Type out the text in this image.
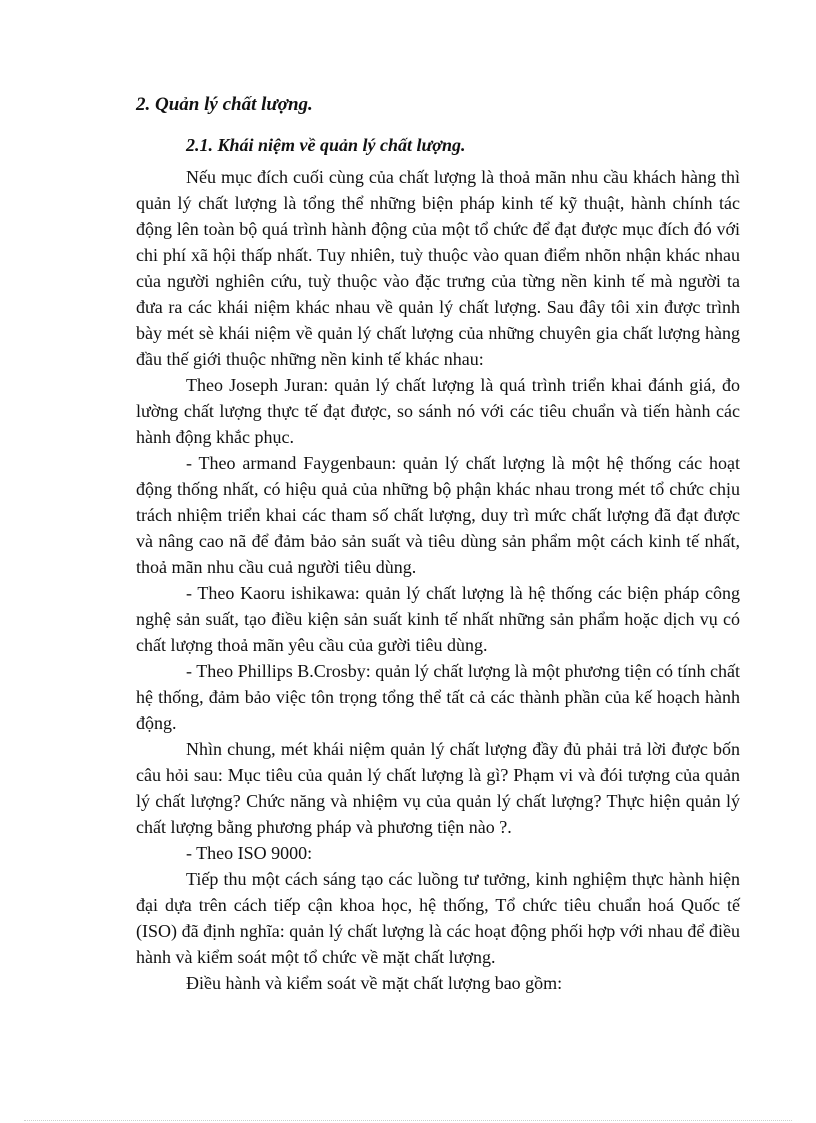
2. Quản lý chất lượng.
2.1. Khái niệm về quản lý chất lượng.

Nếu mục đích cuối cùng của chất lượng là thoả mãn nhu cầu khách hàng thì quản lý chất lượng là tổng thể những biện pháp kinh tế kỹ thuật, hành chính tác động lên toàn bộ quá trình hành động của một tổ chức để đạt được mục đích đó với chi phí xã hội thấp nhất. Tuy nhiên, tuỳ thuộc vào quan điểm nhõn nhận khác nhau của người nghiên cứu, tuỳ thuộc vào đặc trưng của từng nền kinh tế mà người ta đưa ra các khái niệm khác nhau về quản lý chất lượng. Sau đây tôi xin được trình bày mét sè khái niệm về quản lý chất lượng của những chuyên gia chất lượng hàng đầu thế giới thuộc những nền kinh tế khác nhau:

Theo Joseph Juran: quản lý chất lượng là quá trình triển khai đánh giá, đo lường chất lượng thực tế đạt được, so sánh nó với các tiêu chuẩn và tiến hành các hành động khắc phục.

- Theo armand Faygenbaun: quản lý chất lượng là một hệ thống các hoạt động thống nhất, có hiệu quả của những bộ phận khác nhau trong mét tổ chức chịu trách nhiệm triển khai các tham số chất lượng, duy trì mức chất lượng đã đạt được và nâng cao nã để đảm bảo sản suất và tiêu dùng sản phẩm một cách kinh tế nhất, thoả mãn nhu cầu cuả người tiêu dùng.

- Theo Kaoru ishikawa: quản lý chất lượng là hệ thống các biện pháp công nghệ sản suất, tạo điều kiện sản suất kinh tế nhất những sản phẩm hoặc dịch vụ có chất lượng thoả mãn yêu cầu của gười tiêu dùng.

- Theo Phillips B.Crosby: quản lý chất lượng là một phương tiện có tính chất hệ thống, đảm bảo việc tôn trọng tổng thể tất cả các thành phần của kế hoạch hành động.

Nhìn chung, mét khái niệm quản lý chất lượng đầy đủ phải trả lời được bốn câu hỏi sau: Mục tiêu của quản lý chất lượng là gì? Phạm vi và đói tượng của quản lý chất lượng? Chức năng và nhiệm vụ của quản lý chất lượng? Thực hiện quản lý chất lượng bằng phương pháp và phương tiện nào ?.

- Theo ISO 9000:

Tiếp thu một cách sáng tạo các luồng tư tưởng, kinh nghiệm thực hành hiện đại dựa trên cách tiếp cận khoa học, hệ thống, Tổ chức tiêu chuẩn hoá Quốc tế (ISO) đã định nghĩa: quản lý chất lượng là các hoạt động phối hợp với nhau để điều hành và kiểm soát một tổ chức về mặt chất lượng.

Điều hành và kiểm soát về mặt chất lượng bao gồm:
